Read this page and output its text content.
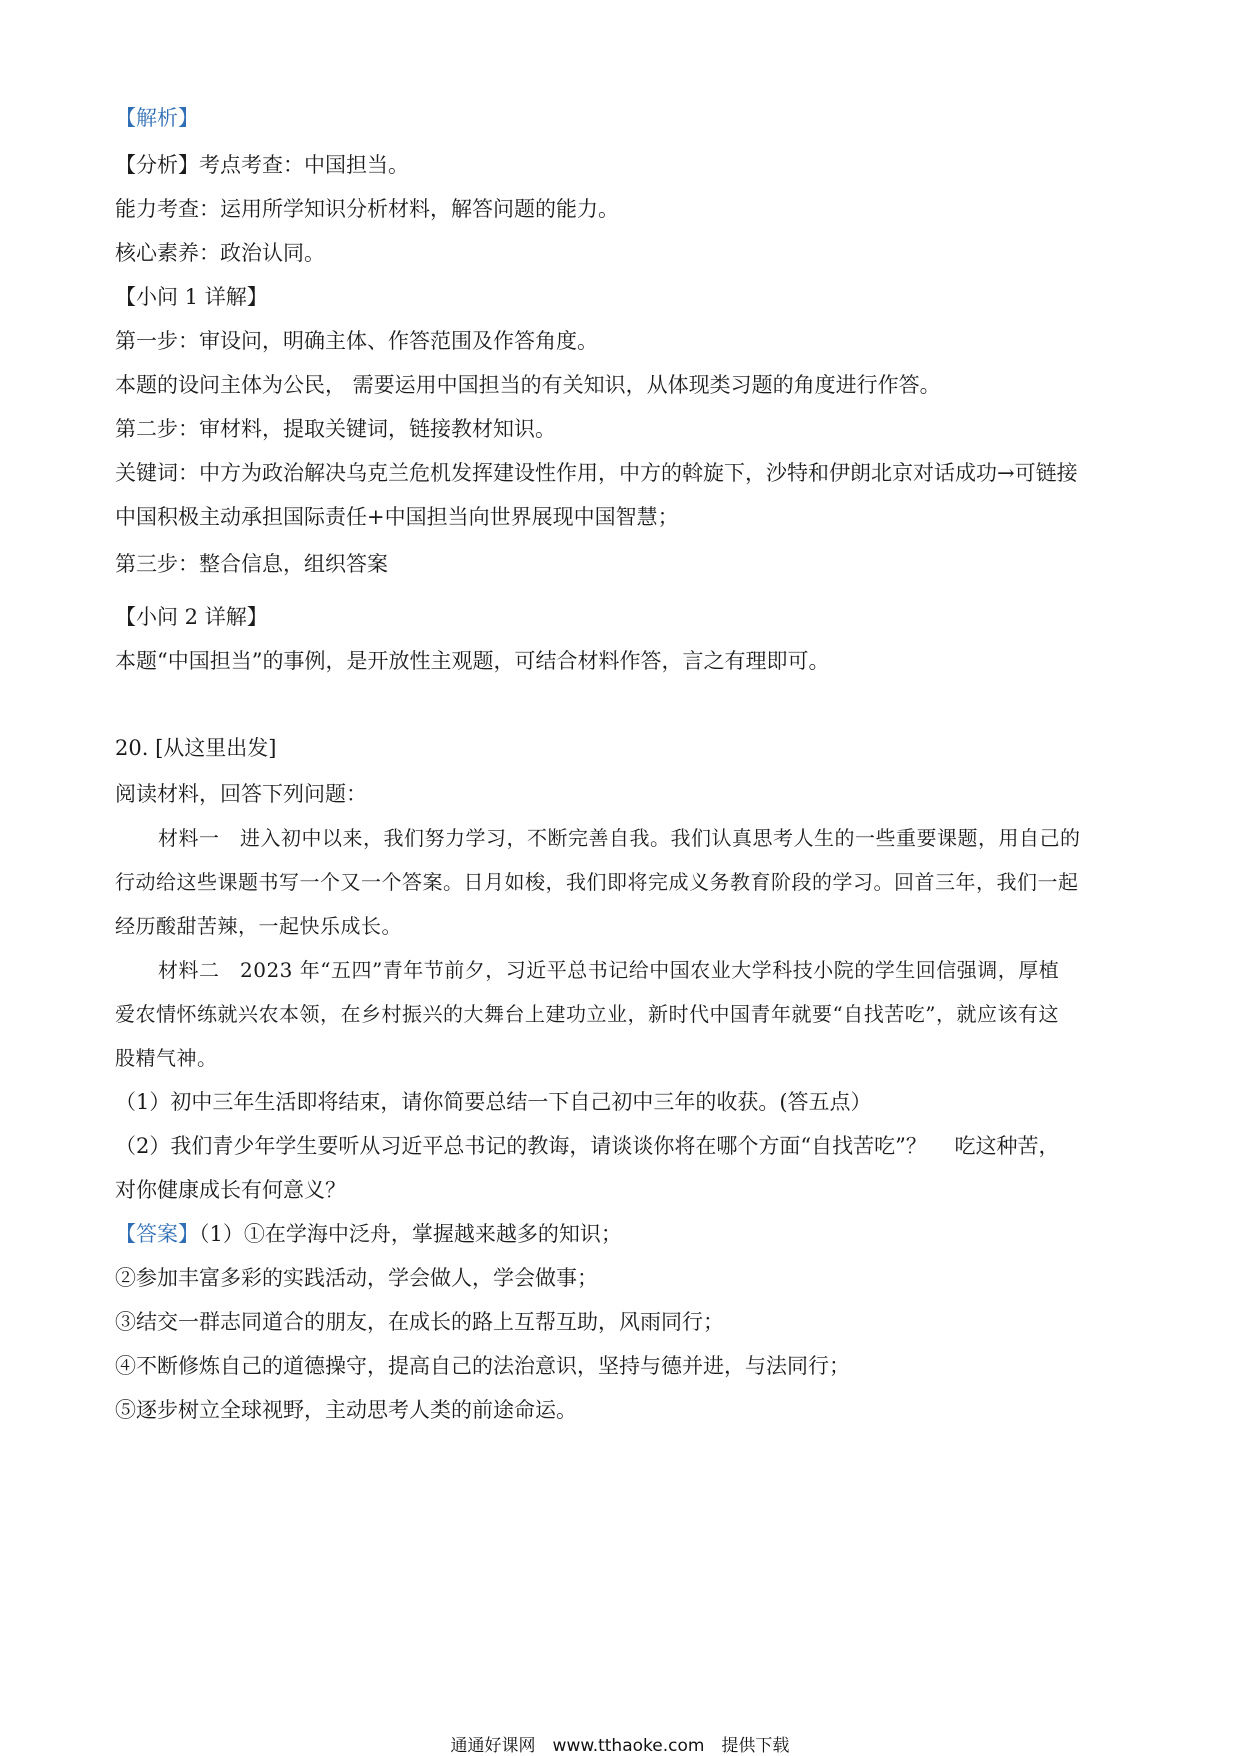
【解析】
【分析】考点考查：中国担当。
能力考查：运用所学知识分析材料，解答问题的能力。
核心素养：政治认同。
【小问 1 详解】
第一步：审设问，明确主体、作答范围及作答角度。
本题的设问主体为公民， 需要运用中国担当的有关知识，从体现类习题的角度进行作答。
第二步：审材料，提取关键词，链接教材知识。
关键词：中方为政治解决乌克兰危机发挥建设性作用，中方的斡旋下，沙特和伊朗北京对话成功→可链接
中国积极主动承担国际责任+中国担当向世界展现中国智慧；
第三步：整合信息，组织答案
【小问 2 详解】
本题“中国担当”的事例，是开放性主观题，可结合材料作答，言之有理即可。
20. [从这里出发]
阅读材料，回答下列问题：
材料一　进入初中以来，我们努力学习，不断完善自我。我们认真思考人生的一些重要课题，用自己的
行动给这些课题书写一个又一个答案。日月如梭，我们即将完成义务教育阶段的学习。回首三年，我们一起
经历酸甜苦辣，一起快乐成长。
材料二　2023 年“五四”青年节前夕，习近平总书记给中国农业大学科技小院的学生回信强调，厚植
爱农情怀练就兴农本领，在乡村振兴的大舞台上建功立业，新时代中国青年就要“自找苦吃”，就应该有这
股精气神。
（1）初中三年生活即将结束，请你简要总结一下自己初中三年的收获。(答五点）
（2）我们青少年学生要听从习近平总书记的教诲，请谈谈你将在哪个方面“自找苦吃”？　 吃这种苦，
对你健康成长有何意义？
【答案】（1）①在学海中泛舟，掌握越来越多的知识；
②参加丰富多彩的实践活动，学会做人，学会做事；
③结交一群志同道合的朋友，在成长的路上互帮互助，风雨同行；
④不断修炼自己的道德操守，提高自己的法治意识，坚持与德并进，与法同行；
⑤逐步树立全球视野，主动思考人类的前途命运。
通通好课网　www.tthaoke.com　提供下载
